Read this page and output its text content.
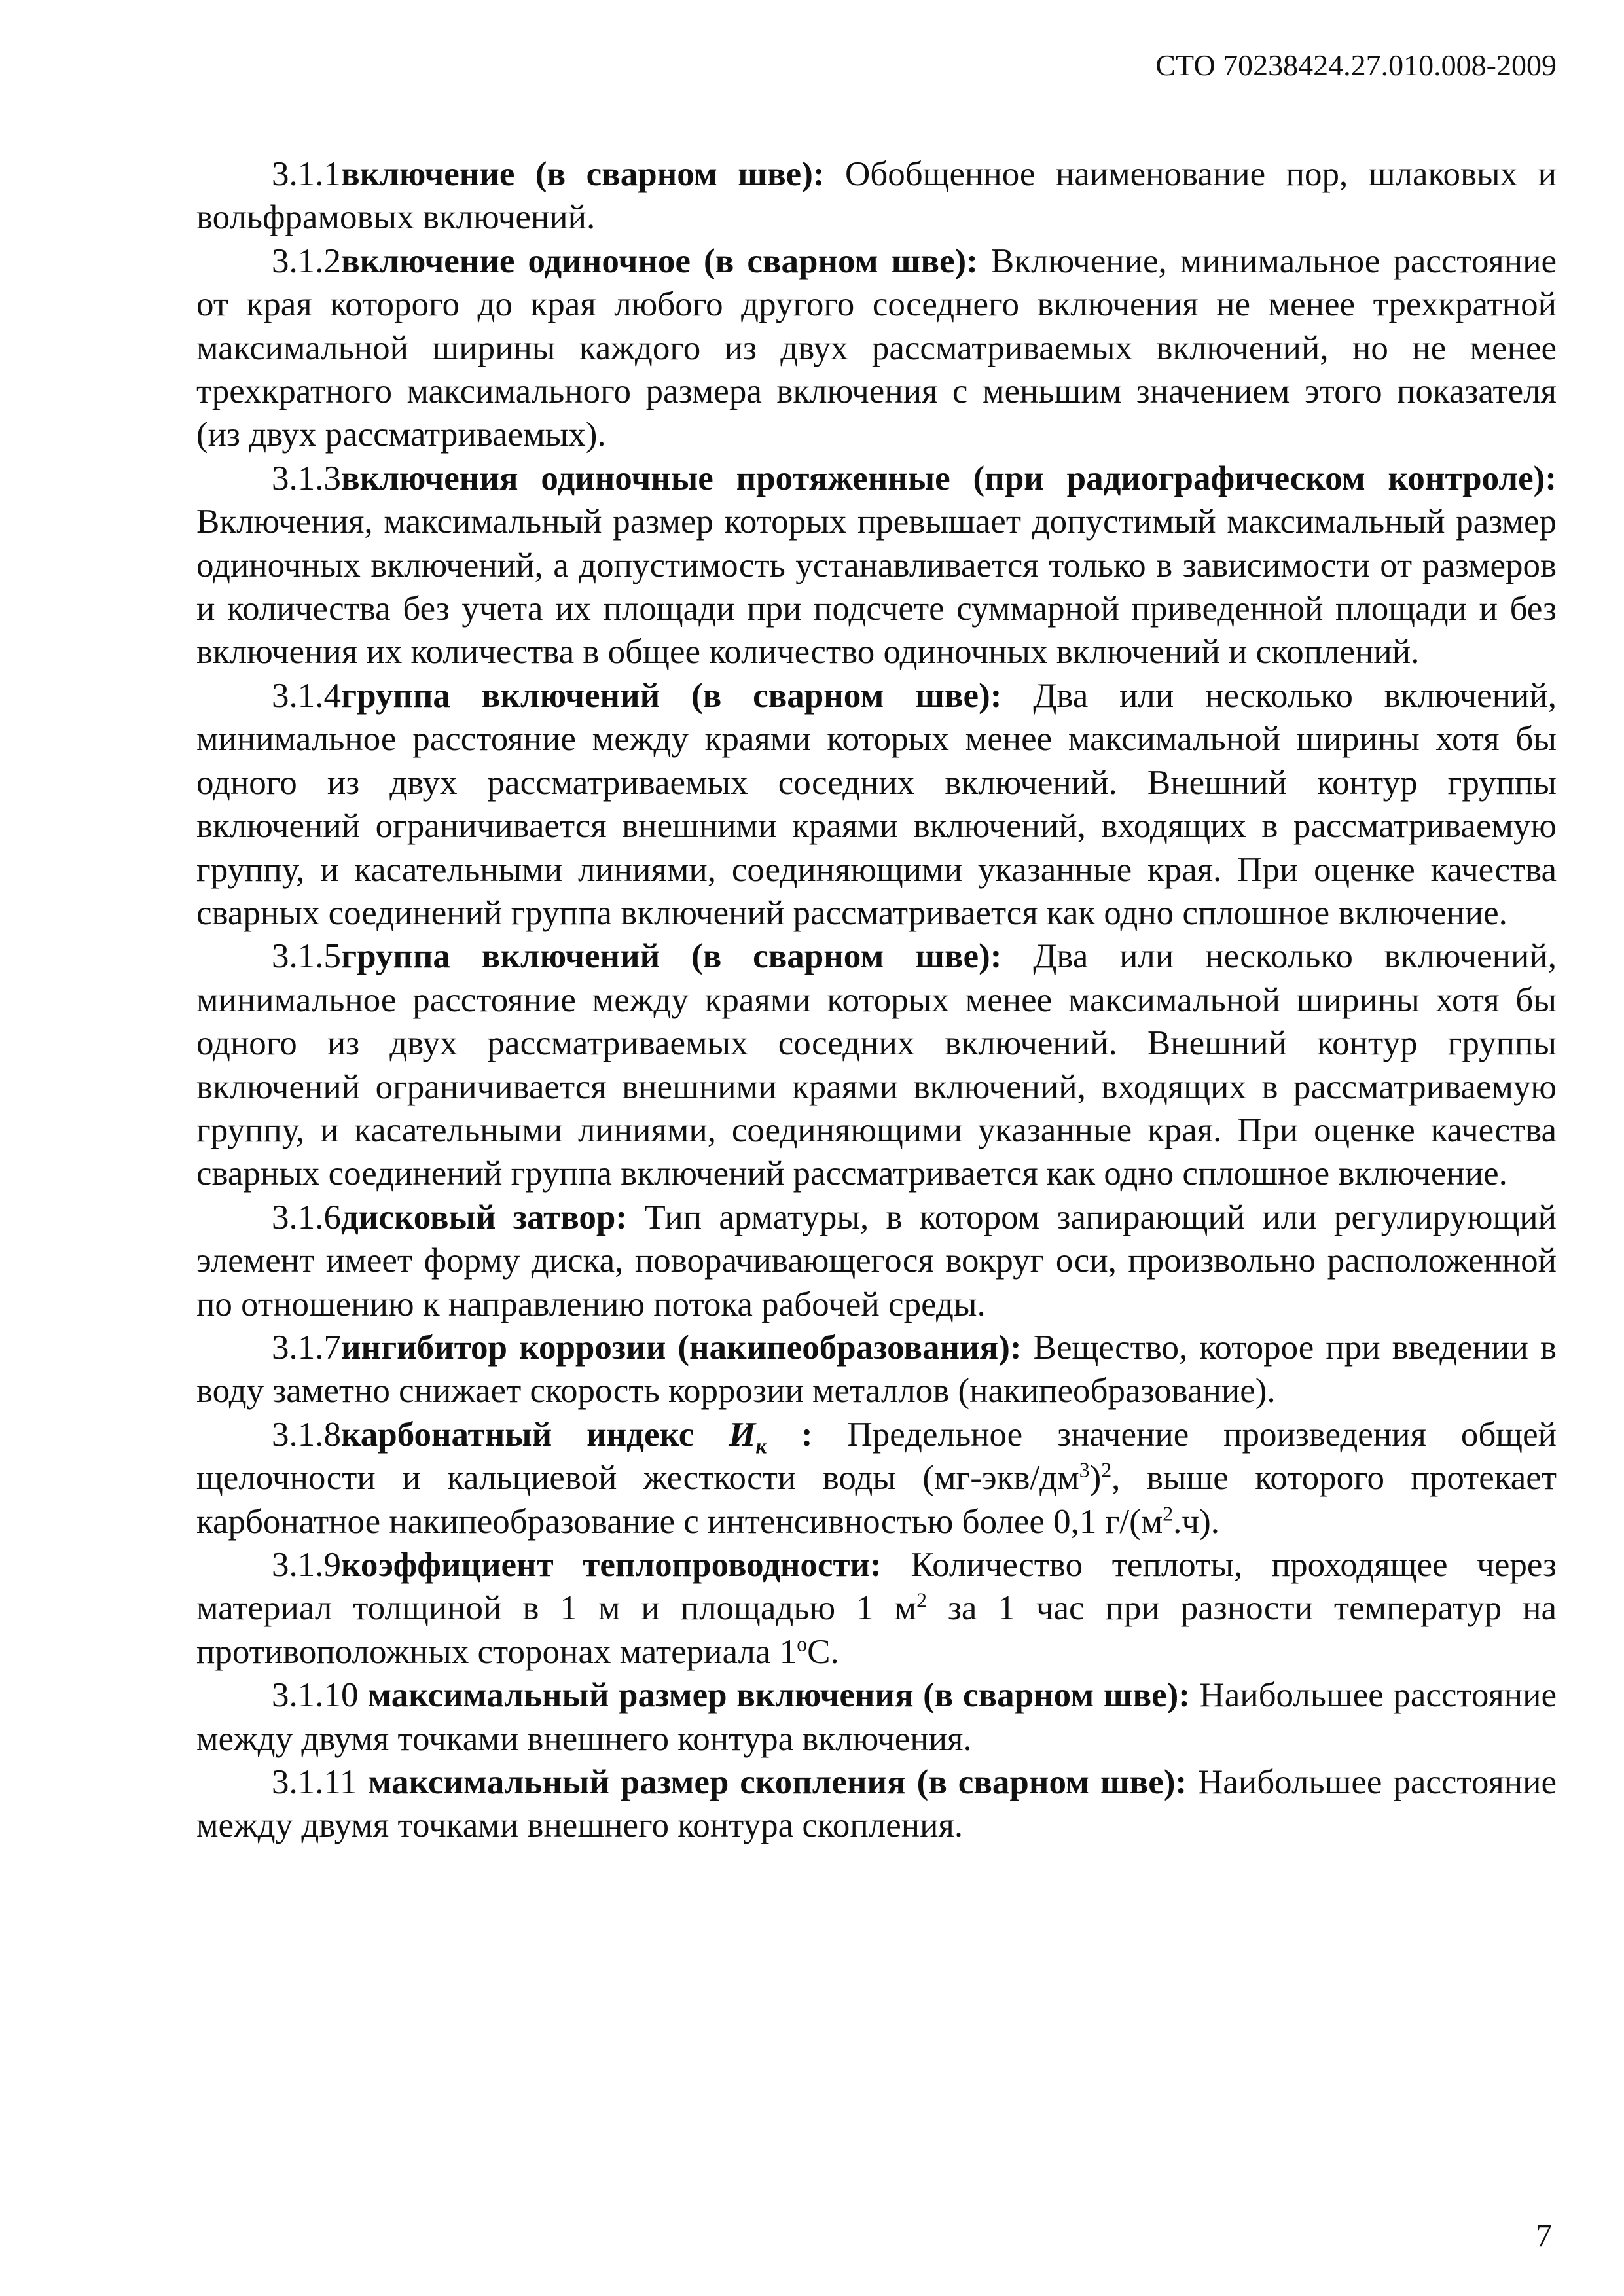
СТО 70238424.27.010.008-2009

3.1.1включение (в сварном шве): Обобщенное наименование пор, шлаковых и вольфрамовых включений.

3.1.2включение одиночное (в сварном шве): Включение, минимальное расстояние от края которого до края любого другого соседнего включения не менее трехкратной максимальной ширины каждого из двух рассматриваемых включений, но не менее трехкратного максимального размера включения с меньшим значением этого показателя (из двух рассматриваемых).

3.1.3включения одиночные протяженные (при радиографическом контроле): Включения, максимальный размер которых превышает допустимый максимальный размер одиночных включений, а допустимость устанавливается только в зависимости от размеров и количества без учета их площади при подсчете суммарной приведенной площади и без включения их количества в общее количество одиночных включений и скоплений.

3.1.4группа включений (в сварном шве): Два или несколько включений, минимальное расстояние между краями которых менее максимальной ширины хотя бы одного из двух рассматриваемых соседних включений. Внешний контур группы включений ограничивается внешними краями включений, входящих в рассматриваемую группу, и касательными линиями, соединяющими указанные края. При оценке качества сварных соединений группа включений рассматривается как одно сплошное включение.

3.1.5группа включений (в сварном шве): Два или несколько включений, минимальное расстояние между краями которых менее максимальной ширины хотя бы одного из двух рассматриваемых соседних включений. Внешний контур группы включений ограничивается внешними краями включений, входящих в рассматриваемую группу, и касательными линиями, соединяющими указанные края. При оценке качества сварных соединений группа включений рассматривается как одно сплошное включение.

3.1.6дисковый затвор: Тип арматуры, в котором запирающий или регулирующий элемент имеет форму диска, поворачивающегося вокруг оси, произвольно расположенной по отношению к направлению потока рабочей среды.

3.1.7ингибитор коррозии (накипеобразования): Вещество, которое при введении в воду заметно снижает скорость коррозии металлов (накипеобразование).

3.1.8карбонатный индекс $И_к$ : Предельное значение произведения общей щелочности и кальциевой жесткости воды $(мг-экв/дм^3)^2$, выше которого протекает карбонатное накипеобразование с интенсивностью более 0,1 $г/(м^2.ч)$.

3.1.9коэффициент теплопроводности: Количество теплоты, проходящее через материал толщиной в 1 м и площадью 1 $м^2$ за 1 час при разности температур на противоположных сторонах материала $1^оС$.

3.1.10 максимальный размер включения (в сварном шве): Наибольшее расстояние между двумя точками внешнего контура включения.

3.1.11 максимальный размер скопления (в сварном шве): Наибольшее расстояние между двумя точками внешнего контура скопления.

7
